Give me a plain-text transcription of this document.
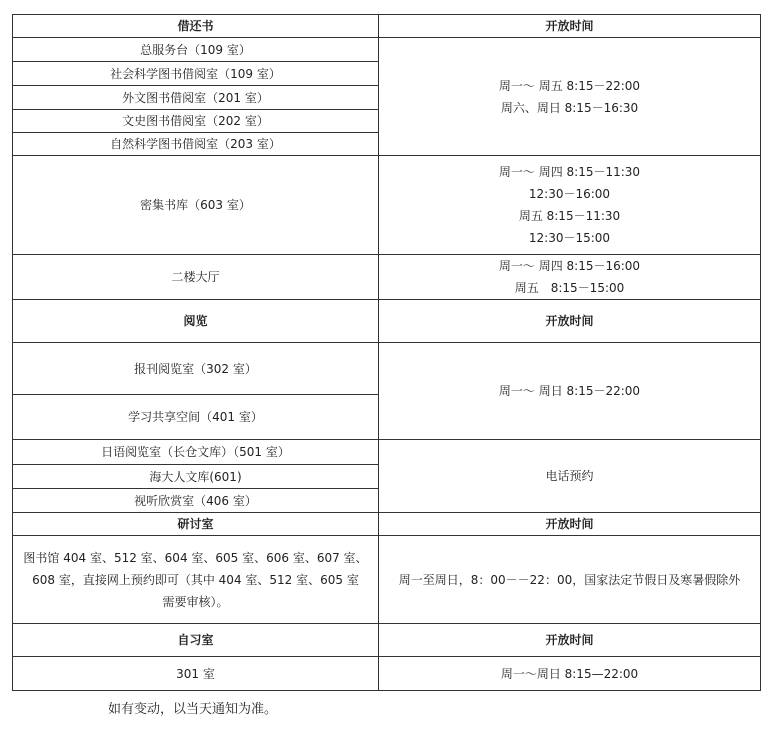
借还书	开放时间
总服务台（109 室）	周一～ 周五 8:15－22:00
周六、周日 8:15－16:30

社会科学图书借阅室（109 室）	
外文图书借阅室（201 室）	
文史图书借阅室（202 室）	
自然科学图书借阅室（203 室）	
密集书库（603 室）	周一～ 周四 8:15－11:30
12:30－16:00
周五 8:15－11:30
12:30－15:00

二楼大厅	周一～ 周四 8:15－16:00
周五　8:15－15:00

阅览	开放时间
报刊阅览室（302 室）	周一～ 周日 8:15－22:00
学习共享空间（401 室）	
日语阅览室（长仓文库）（501 室）	电话预约
海大人文库(601)	
视听欣赏室（406 室）	
研讨室	开放时间

图书馆 404 室、512 室、604 室、605 室、606 室、607 室、
608 室，直接网上预约即可（其中 404 室、512 室、605 室
需要审核）。	周一至周日，8：00－－22：00，国家法定节假日及寒暑假除外
自习室	开放时间
301 室	周一～周日 8:15—22:00
如有变动，以当天通知为准。
